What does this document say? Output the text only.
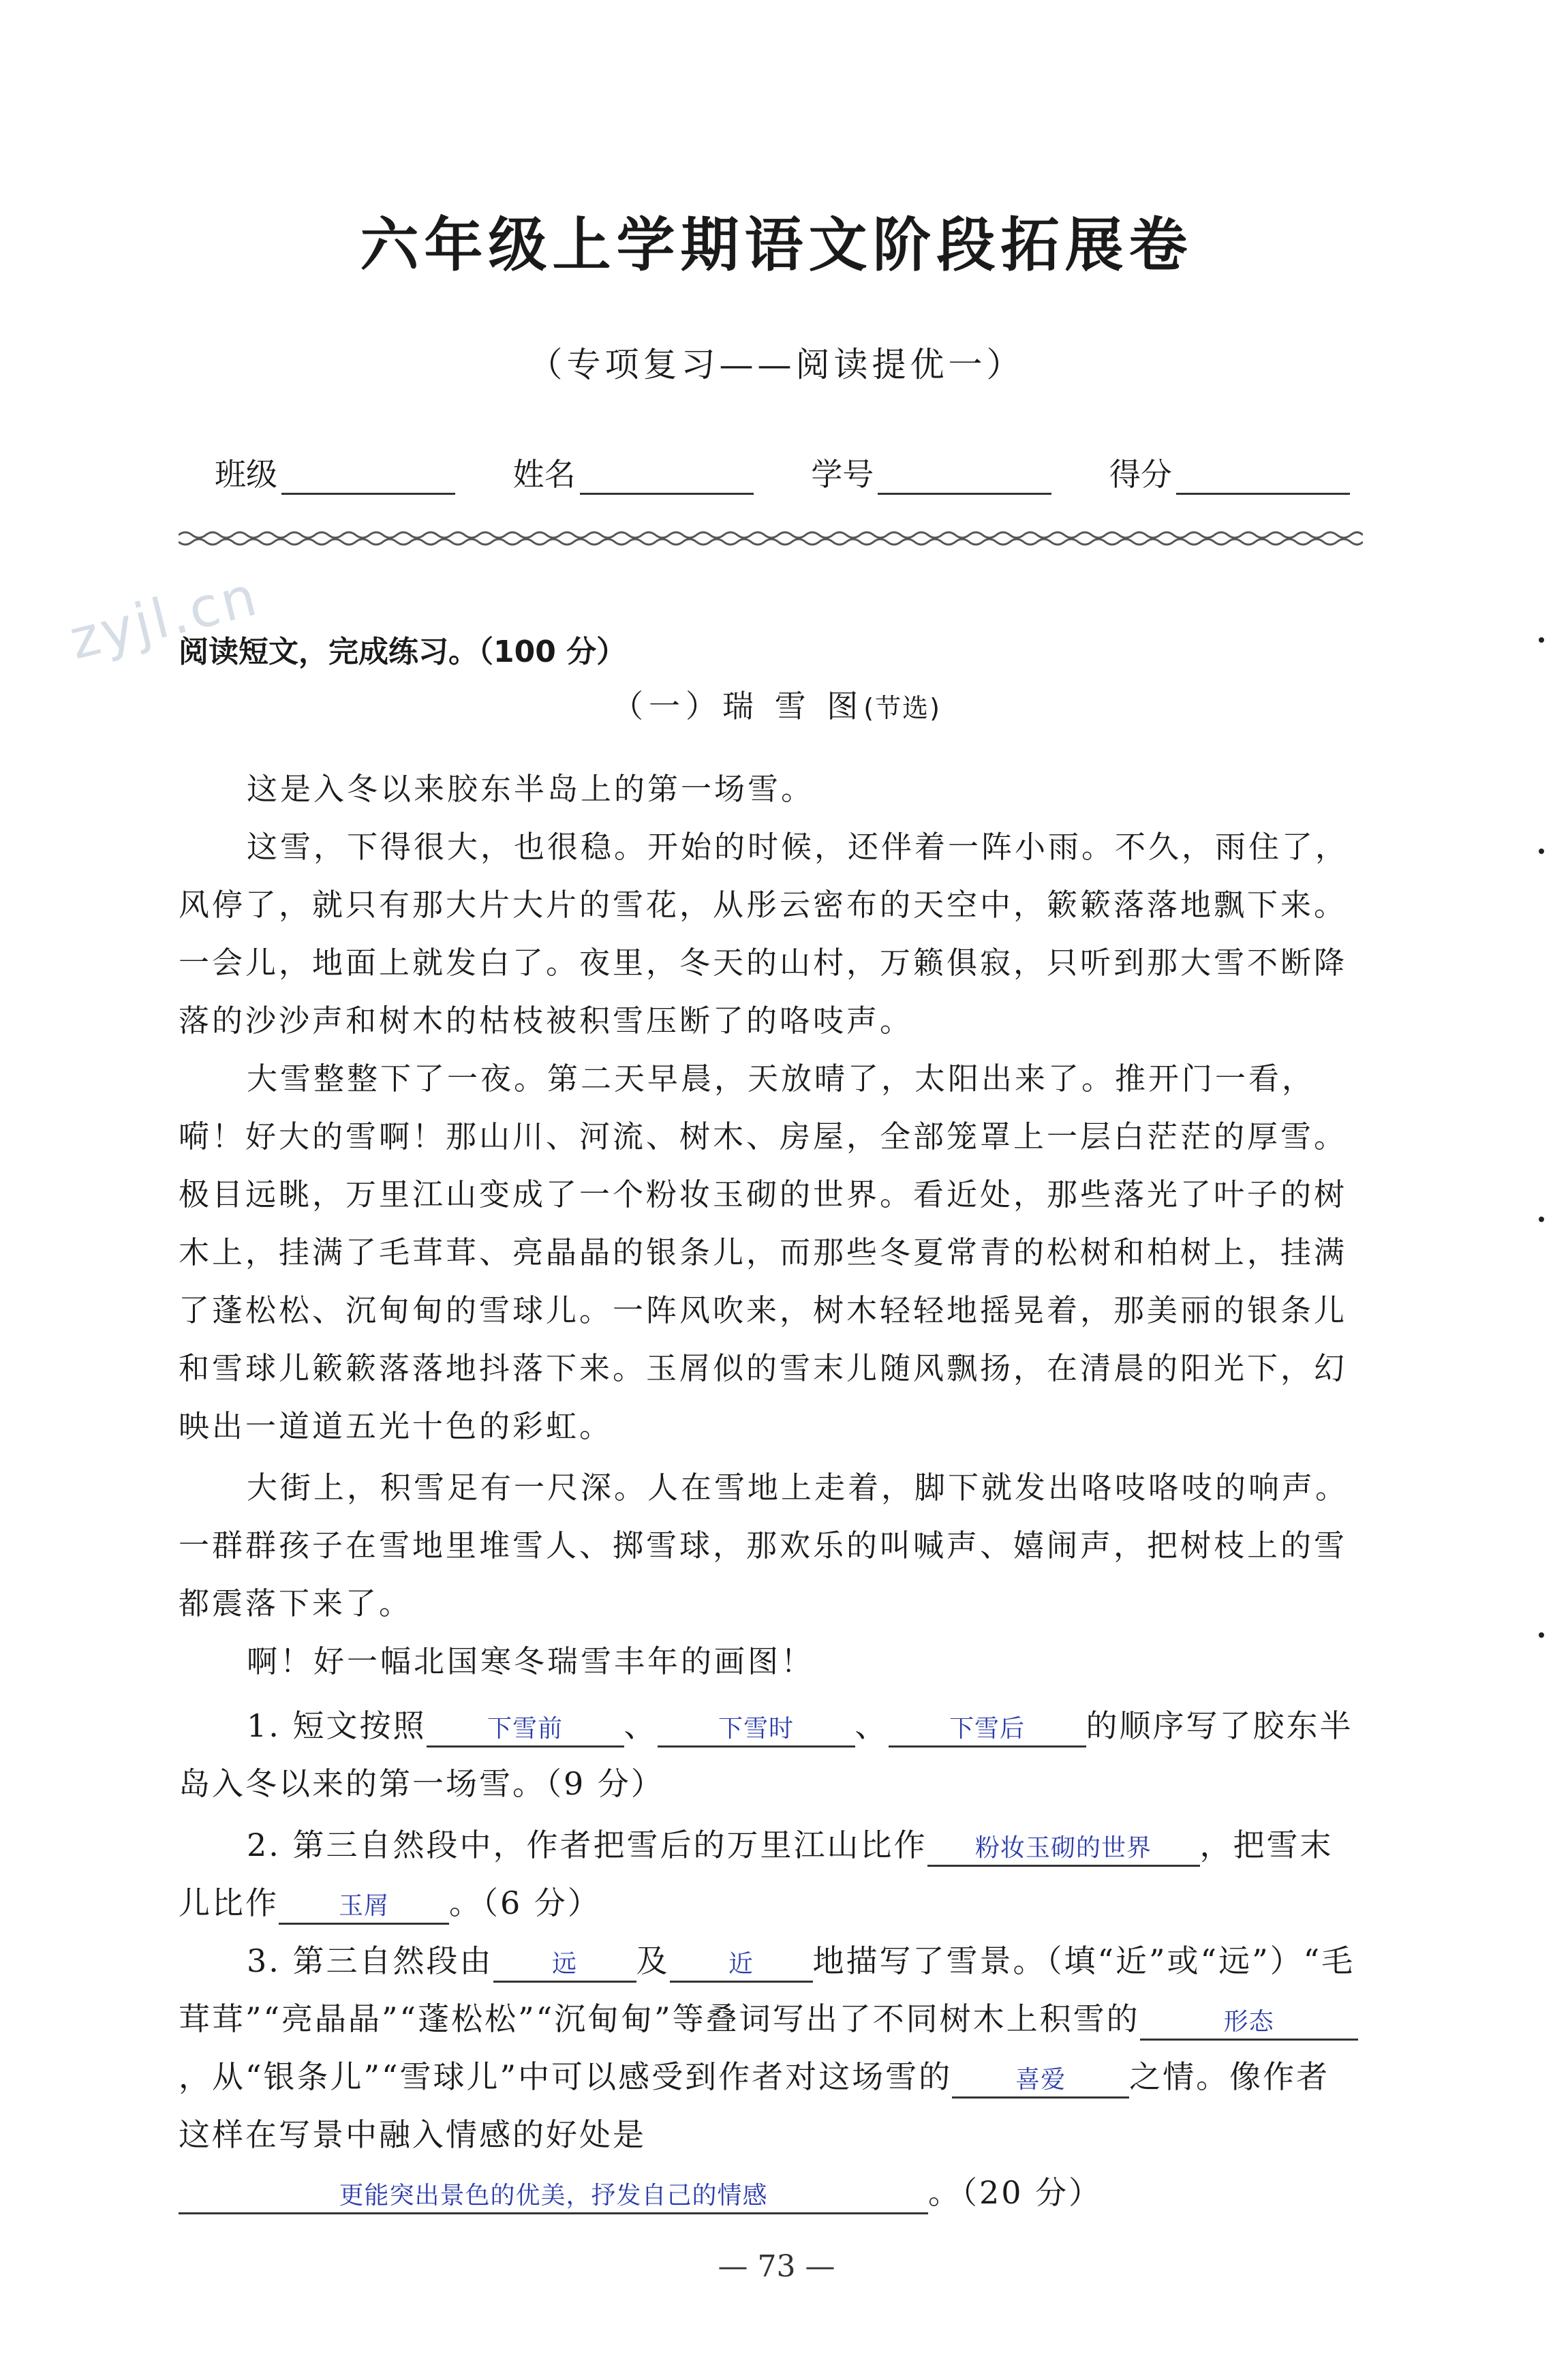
zyjl.cn
六年级上学期语文阶段拓展卷
（专项复习——阅读提优一）
班级	姓名	学号	得分
阅读短文，完成练习。（100 分）
（一）瑞 雪 图(节选)
这是入冬以来胶东半岛上的第一场雪。
这雪，下得很大，也很稳。开始的时候，还伴着一阵小雨。不久，雨住了，风停了，就只有那大片大片的雪花，从彤云密布的天空中，簌簌落落地飘下来。一会儿，地面上就发白了。夜里，冬天的山村，万籁俱寂，只听到那大雪不断降落的沙沙声和树木的枯枝被积雪压断了的咯吱声。
大雪整整下了一夜。第二天早晨，天放晴了，太阳出来了。推开门一看，嗬！好大的雪啊！那山川、河流、树木、房屋，全部笼罩上一层白茫茫的厚雪。极目远眺，万里江山变成了一个粉妆玉砌的世界。看近处，那些落光了叶子的树木上，挂满了毛茸茸、亮晶晶的银条儿，而那些冬夏常青的松树和柏树上，挂满了蓬松松、沉甸甸的雪球儿。一阵风吹来，树木轻轻地摇晃着，那美丽的银条儿和雪球儿簌簌落落地抖落下来。玉屑似的雪末儿随风飘扬，在清晨的阳光下，幻映出一道道五光十色的彩虹。
大街上，积雪足有一尺深。人在雪地上走着，脚下就发出咯吱咯吱的响声。一群群孩子在雪地里堆雪人、掷雪球，那欢乐的叫喊声、嬉闹声，把树枝上的雪都震落下来了。
啊！好一幅北国寒冬瑞雪丰年的画图！
1. 短文按照 下雪前 、 下雪时 、 下雪后 的顺序写了胶东半岛入冬以来的第一场雪。（9 分）
2. 第三自然段中，作者把雪后的万里江山比作 粉妆玉砌的世界 ，把雪末儿比作 玉屑 。（6 分）
3. 第三自然段由 远 及 近 地描写了雪景。（填“近”或“远”）“毛茸茸”“亮晶晶”“蓬松松”“沉甸甸”等叠词写出了不同树木上积雪的	形态，从“银条儿”“雪球儿”中可以感受到作者对这场雪的	喜爱 之情。像作者这样在写景中融入情感的好处是更能突出景色的优美，抒发自己的情感	。（20 分）
— 73 —
